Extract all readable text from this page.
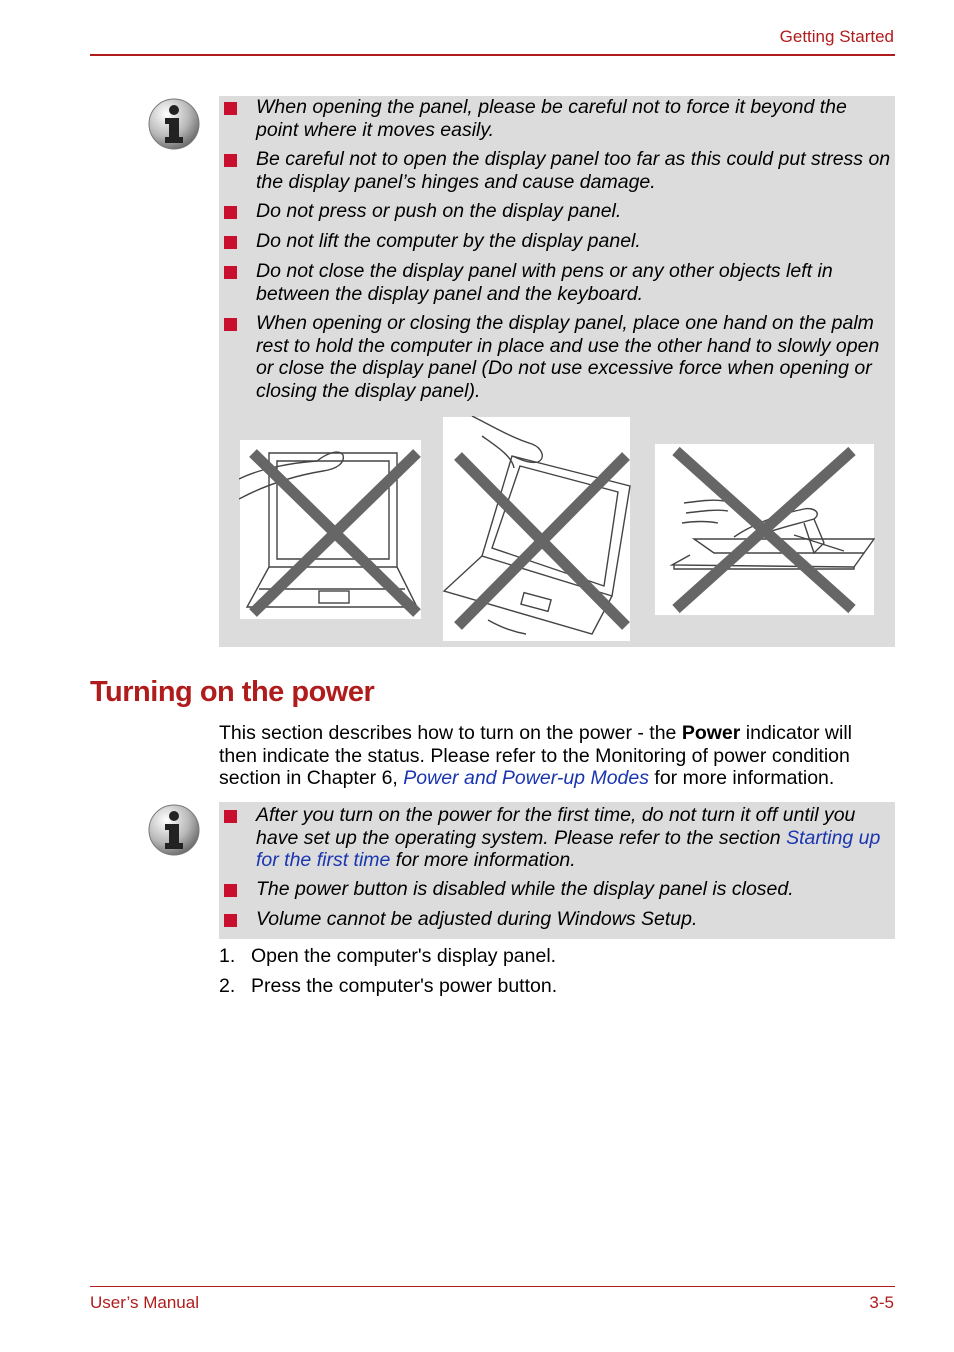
Getting Started
When opening the panel, please be careful not to force it beyond the point where it moves easily.
Be careful not to open the display panel too far as this could put stress on the display panel’s hinges and cause damage.
Do not press or push on the display panel.
Do not lift the computer by the display panel.
Do not close the display panel with pens or any other objects left in between the display panel and the keyboard.
When opening or closing the display panel, place one hand on the palm rest to hold the computer in place and use the other hand to slowly open or close the display panel (Do not use excessive force when opening or closing the display panel).
Turning on the power
This section describes how to turn on the power - the Power indicator will then indicate the status. Please refer to the Monitoring of power condition section in Chapter 6, Power and Power-up Modes for more information.
After you turn on the power for the first time, do not turn it off until you have set up the operating system. Please refer to the section Starting up for the first time for more information.
The power button is disabled while the display panel is closed.
Volume cannot be adjusted during Windows Setup.
1. Open the computer's display panel.
2. Press the computer's power button.
User’s Manual	3-5
